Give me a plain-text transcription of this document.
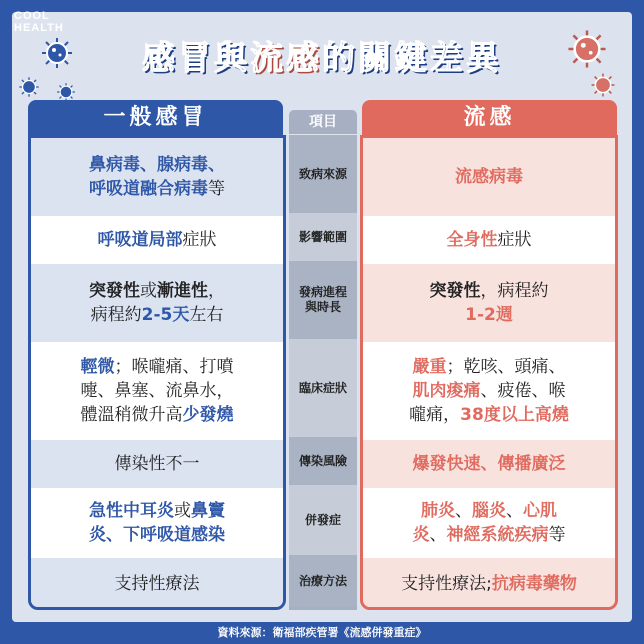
COOL
HEALTH
感冒與流感的關鍵差異
一般感冒	項目	流感
鼻病毒、腺病毒、
呼吸道融合病毒等
呼吸道局部症狀
突發性或漸進性，
病程約2-5天左右
輕微；喉嚨痛、打噴
嚏、鼻塞、流鼻水，
體溫稍微升高少發燒
傳染性不一
急性中耳炎或鼻竇
炎、下呼吸道感染
支持性療法
致病來源
影響範圍
發病進程
與時長
臨床症狀
傳染風險
併發症
治療方法
流感病毒
全身性症狀
突發性，病程約
1-2週
嚴重；乾咳、頭痛、
肌肉痠痛、疲倦、喉
嚨痛，38度以上高燒
爆發快速、傳播廣泛
肺炎、腦炎、心肌
炎、神經系統疾病等
支持性療法;抗病毒藥物
資料來源：衛福部疾管署《流感併發重症》
